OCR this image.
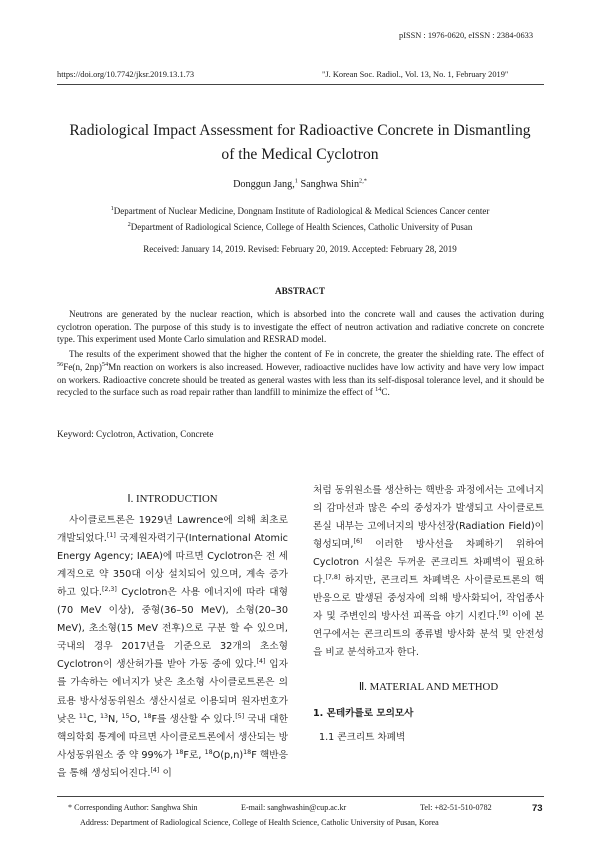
pISSN : 1976-0620, eISSN : 2384-0633
https://doi.org/10.7742/jksr.2019.13.1.73	"J. Korean Soc. Radiol., Vol. 13, No. 1, February 2019"
Radiological Impact Assessment for Radioactive Concrete in Dismantling
of the Medical Cyclotron
Donggun Jang,$^1$ Sanghwa Shin$^{2,*}$
$^1$Department of Nuclear Medicine, Dongnam Institute of Radiological & Medical Sciences Cancer center
$^2$Department of Radiological Science, College of Health Sciences, Catholic University of Pusan
Received: January 14, 2019. Revised: February 20, 2019. Accepted: February 28, 2019
ABSTRACT

Neutrons are generated by the nuclear reaction, which is absorbed into the concrete wall and causes the activation during cyclotron operation. The purpose of this study is to investigate the effect of neutron activation and radiative concrete on concrete type. This experiment used Monte Carlo simulation and RESRAD model.

The results of the experiment showed that the higher the content of Fe in concrete, the greater the shielding rate. The effect of $^{56}$Fe(n, 2np)$^{54}$Mn reaction on workers is also increased. However, radioactive nuclides have low activity and have very low impact on workers. Radioactive concrete should be treated as general wastes with less than its self-disposal tolerance level, and it should be recycled to the surface such as road repair rather than landfill to minimize the effect of $^{14}$C.

Keyword: Cyclotron, Activation, Concrete

Ⅰ. INTRODUCTION

사이클로트론은 1929년 Lawrence에 의해 최초로 개발되었다.[1] 국제원자력기구(International Atomic Energy Agency; IAEA)에 따르면 Cyclotron은 전 세계적으로 약 350대 이상 설치되어 있으며, 계속 증가 하고 있다.[2,3] Cyclotron은 사용 에너지에 따라 대형(70 MeV 이상), 중형(36–50 MeV), 소형(20–30 MeV), 초소형(15 MeV 전후)으로 구분 할 수 있으며, 국내의 경우 2017년을 기준으로 32개의 초소형 Cyclotron이 생산허가를 받아 가동 중에 있다.[4] 입자를 가속하는 에너지가 낮은 초소형 사이클로트론은 의료용 방사성동위원소 생산시설로 이용되며 원자번호가 낮은 $^{11}$C, $^{13}$N, $^{15}$O, $^{18}$F를 생산할 수 있다.[5] 국내 대한핵의학회 통계에 따르면 사이클로트론에서 생산되는 방사성동위원소 중 약 99%가 $^{18}$F로, $^{18}O(p,n)^{18}F$ 핵반응을 통해 생성되어진다.[4] 이

처럼 동위원소를 생산하는 핵반응 과정에서는 고에너지의 감마선과 많은 수의 중성자가 발생되고 사이클로트론실 내부는 고에너지의 방사선장(Radiation Field)이 형성되며,[6] 이러한 방사선을 차폐하기 위하여 Cyclotron 시설은 두꺼운 콘크리트 차폐벽이 필요하다.[7,8] 하지만, 콘크리트 차폐벽은 사이클로트론의 핵반응으로 발생된 중성자에 의해 방사화되어, 작업종사자 및 주변인의 방사선 피폭을 야기 시킨다.[9] 이에 본 연구에서는 콘크리트의 종류별 방사화 분석 및 안전성을 비교 분석하고자 한다.

Ⅱ. MATERIAL AND METHOD

1. 몬테카를로 모의모사

1.1 콘크리트 차폐벽

* Corresponding Author: Sanghwa Shin	E-mail: sanghwashin@cup.ac.kr	Tel: +82-51-510-0782
Address: Department of Radiological Science, College of Health Science, Catholic University of Pusan, Korea
73
